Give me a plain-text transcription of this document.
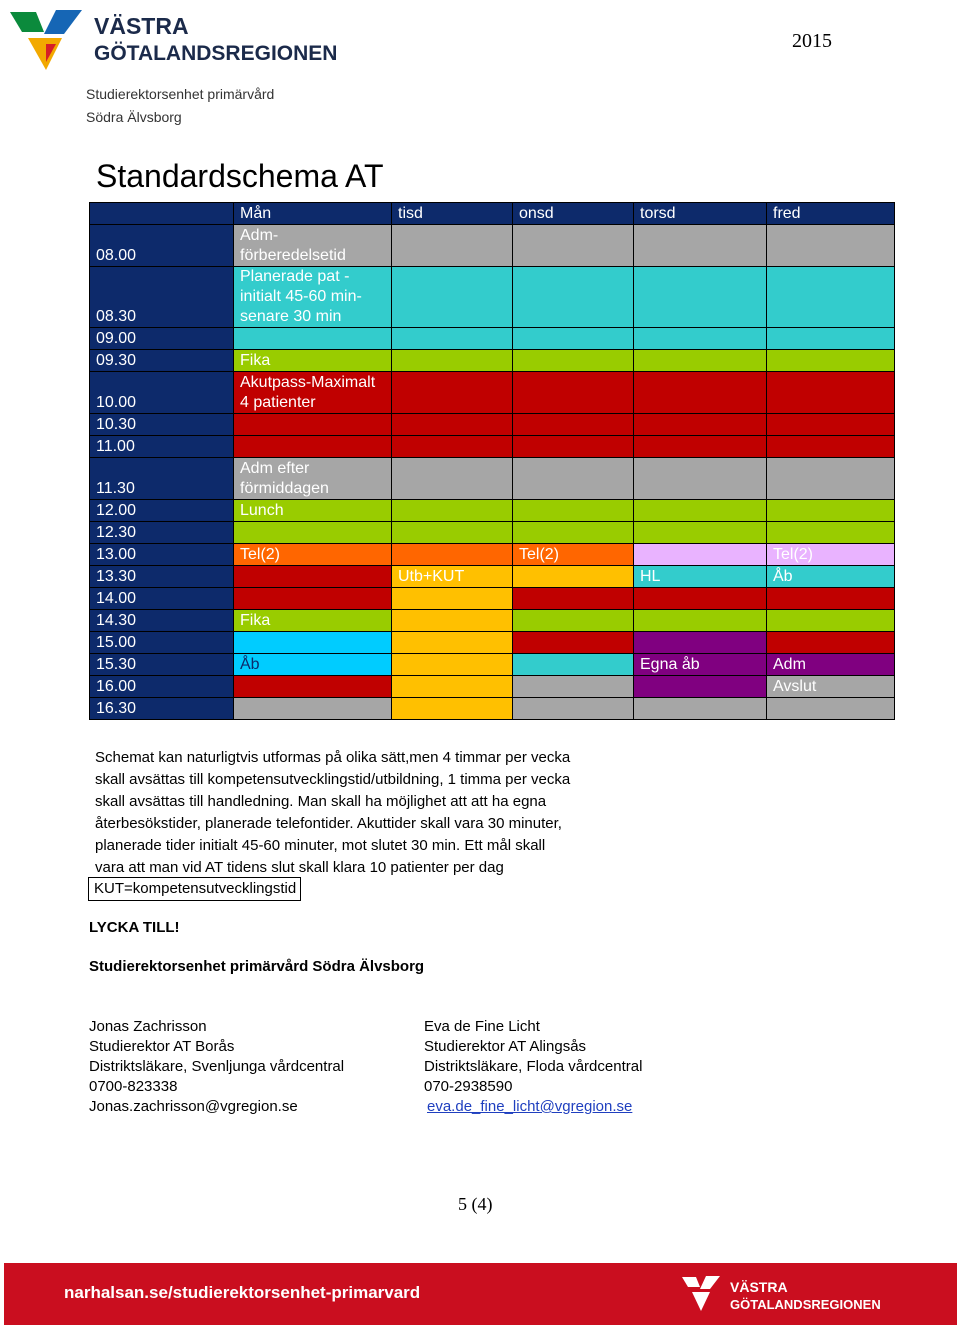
VÄSTRA
GÖTALANDSREGIONEN
2015
Studierektorsenhet primärvård
Södra Älvsborg
Standardschema AT
	Mån	tisd	onsd	torsd	fred
08.00	Adm-
förberedelsetid				
08.30	Planerade pat -
initialt 45-60 min-
senare 30 min				
09.00					
09.30	Fika				
10.00	Akutpass-Maximalt
4 patienter				
10.30					
11.00					
11.30	Adm efter
förmiddagen				
12.00	Lunch				
12.30					
13.00	Tel(2)		Tel(2)		Tel(2)
13.30		Utb+KUT		HL	Åb
14.00					
14.30	Fika				
15.00					
15.30	Åb			Egna åb	Adm
16.00					Avslut
16.30					
Schemat kan naturligtvis utformas på olika sätt,men 4 timmar per vecka
skall avsättas till kompetensutvecklingstid/utbildning, 1 timma per vecka
skall avsättas till handledning. Man skall ha möjlighet att att ha egna
återbesökstider, planerade telefontider. Akuttider skall vara 30 minuter,
planerade tider initialt 45-60 minuter, mot slutet 30 min. Ett mål skall
vara att man vid AT tidens slut skall klara 10 patienter per dag
KUT=kompetensutvecklingstid
LYCKA TILL!
Studierektorsenhet primärvård Södra Älvsborg
Jonas Zachrisson
Studierektor AT Borås
Distriktsläkare, Svenljunga vårdcentral
0700-823338
Jonas.zachrisson@vgregion.se
Eva de Fine Licht
Studierektor AT Alingsås
Distriktsläkare, Floda vårdcentral
070-2938590
eva.de_fine_licht@vgregion.se
5 (4)
narhalsan.se/studierektorsenhet-primarvard	VÄSTRA
GÖTALANDSREGIONEN
